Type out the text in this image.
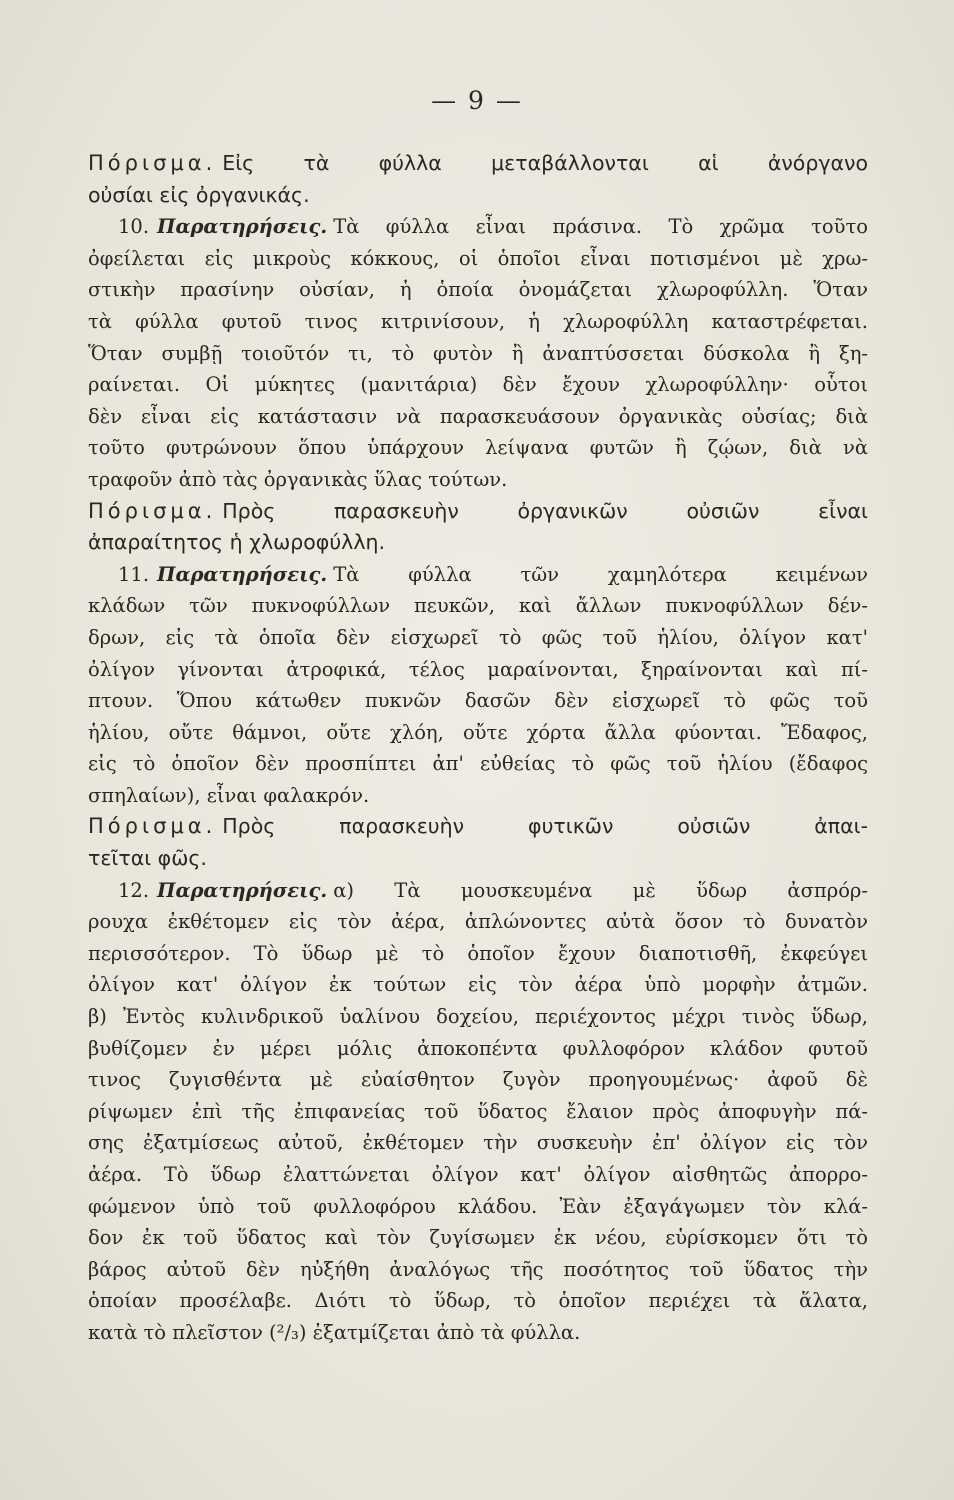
— 9 —
Πόρισμα. Εἰς τὰ φύλλα μεταβάλλονται αἱ ἀνόργανο
οὐσίαι εἰς ὀργανικάς.
10. Παρατηρήσεις. Τὰ φύλλα εἶναι πράσινα. Τὸ χρῶμα τοῦτο
ὀφείλεται εἰς μικροὺς κόκκους, οἱ ὁποῖοι εἶναι ποτισμένοι μὲ χρω-
στικὴν πρασίνην οὐσίαν, ἡ ὁποία ὀνομάζεται χλωροφύλλη. Ὅταν
τὰ φύλλα φυτοῦ τινος κιτρινίσουν, ἡ χλωροφύλλη καταστρέφεται.
Ὅταν συμβῇ τοιοῦτόν τι, τὸ φυτὸν ἢ ἀναπτύσσεται δύσκολα ἢ ξη-
ραίνεται. Οἱ μύκητες (μανιτάρια) δὲν ἔχουν χλωροφύλλην· οὗτοι
δὲν εἶναι εἰς κατάστασιν νὰ παρασκευάσουν ὀργανικὰς οὐσίας; διὰ
τοῦτο φυτρώνουν ὅπου ὑπάρχουν λείψανα φυτῶν ἢ ζῴων, διὰ νὰ
τραφοῦν ἀπὸ τὰς ὀργανικὰς ὕλας τούτων.
Πόρισμα. Πρὸς παρασκευὴν ὀργανικῶν οὐσιῶν εἶναι
ἀπαραίτητος ἡ χλωροφύλλη.
11. Παρατηρήσεις. Τὰ φύλλα τῶν χαμηλότερα κειμένων
κλάδων τῶν πυκνοφύλλων πευκῶν, καὶ ἄλλων πυκνοφύλλων δέν-
δρων, εἰς τὰ ὁποῖα δὲν εἰσχωρεῖ τὸ φῶς τοῦ ἡλίου, ὀλίγον κατ'
ὀλίγον γίνονται ἀτροφικά, τέλος μαραίνονται, ξηραίνονται καὶ πί-
πτουν. Ὅπου κάτωθεν πυκνῶν δασῶν δὲν εἰσχωρεῖ τὸ φῶς τοῦ
ἡλίου, οὔτε θάμνοι, οὔτε χλόη, οὔτε χόρτα ἄλλα φύονται. Ἔδαφος,
εἰς τὸ ὁποῖον δὲν προσπίπτει ἀπ' εὐθείας τὸ φῶς τοῦ ἡλίου (ἔδαφος
σπηλαίων), εἶναι φαλακρόν.
Πόρισμα. Πρὸς παρασκευὴν φυτικῶν οὐσιῶν ἀπαι-
τεῖται φῶς.
12. Παρατηρήσεις. α) Τὰ μουσκευμένα μὲ ὕδωρ ἀσπρόρ-
ρουχα ἐκθέτομεν εἰς τὸν ἀέρα, ἁπλώνοντες αὐτὰ ὅσον τὸ δυνατὸν
περισσότερον. Τὸ ὕδωρ μὲ τὸ ὁποῖον ἔχουν διαποτισθῆ, ἐκφεύγει
ὀλίγον κατ' ὀλίγον ἐκ τούτων εἰς τὸν ἀέρα ὑπὸ μορφὴν ἀτμῶν.
β) Ἐντὸς κυλινδρικοῦ ὑαλίνου δοχείου, περιέχοντος μέχρι τινὸς ὕδωρ,
βυθίζομεν ἐν μέρει μόλις ἀποκοπέντα φυλλοφόρον κλάδον φυτοῦ
τινος ζυγισθέντα μὲ εὐαίσθητον ζυγὸν προηγουμένως· ἀφοῦ δὲ
ρίψωμεν ἐπὶ τῆς ἐπιφανείας τοῦ ὕδατος ἔλαιον πρὸς ἀποφυγὴν πά-
σης ἐξατμίσεως αὐτοῦ, ἐκθέτομεν τὴν συσκευὴν ἐπ' ὀλίγον εἰς τὸν
ἀέρα. Τὸ ὕδωρ ἐλαττώνεται ὀλίγον κατ' ὀλίγον αἰσθητῶς ἀπορρο-
φώμενον ὑπὸ τοῦ φυλλοφόρου κλάδου. Ἐὰν ἐξαγάγωμεν τὸν κλά-
δον ἐκ τοῦ ὕδατος καὶ τὸν ζυγίσωμεν ἐκ νέου, εὑρίσκομεν ὅτι τὸ
βάρος αὐτοῦ δὲν ηὐξήθη ἀναλόγως τῆς ποσότητος τοῦ ὕδατος τὴν
ὁποίαν προσέλαβε. Διότι τὸ ὕδωρ, τὸ ὁποῖον περιέχει τὰ ἅλατα,
κατὰ τὸ πλεῖστον (²/₃) ἐξατμίζεται ἀπὸ τὰ φύλλα.
